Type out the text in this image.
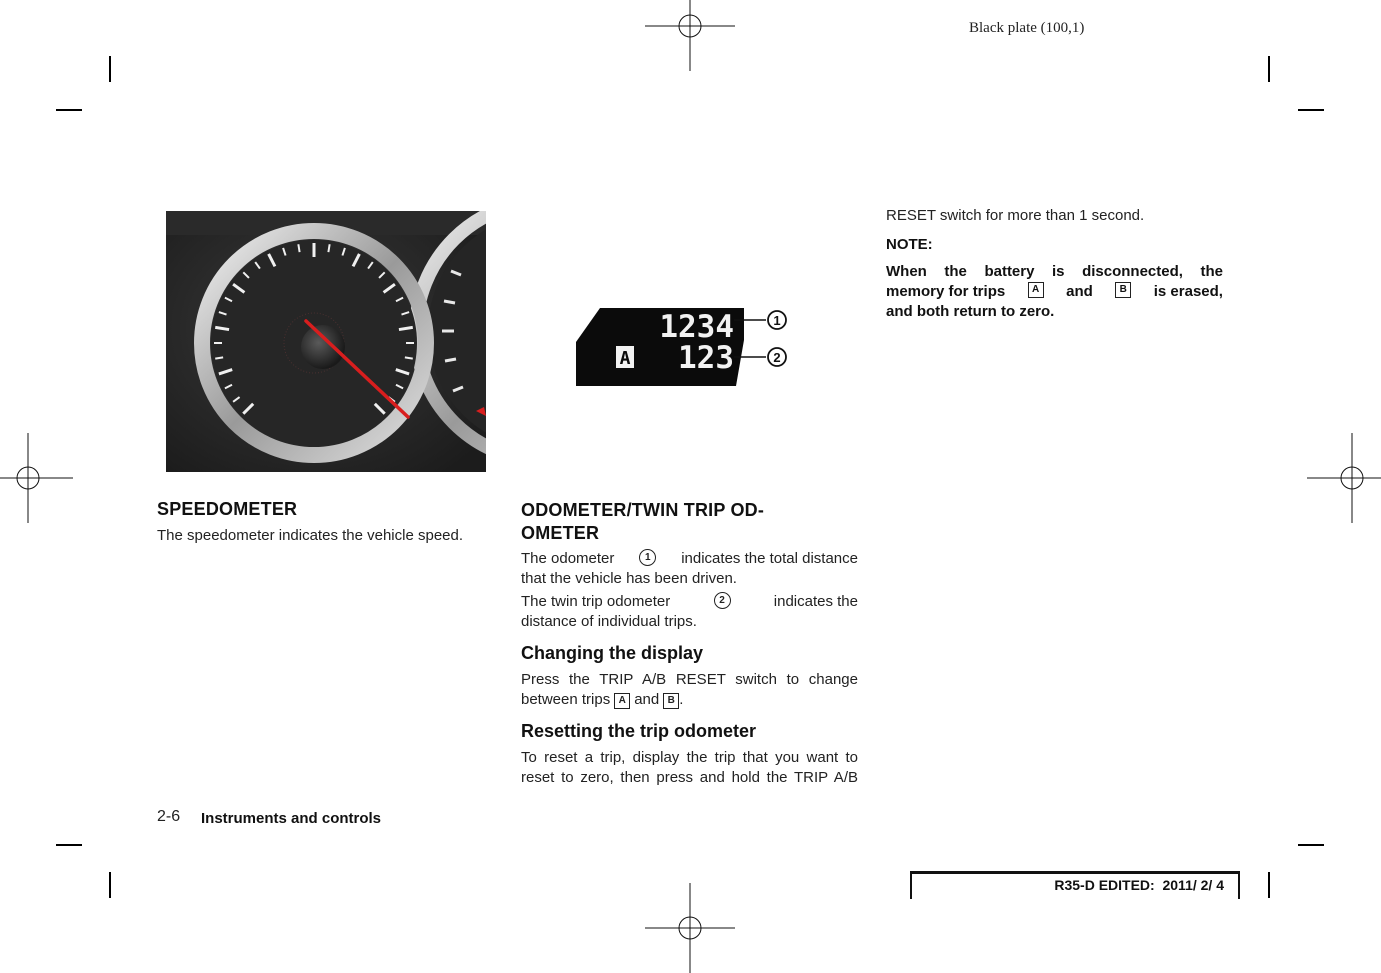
Black plate (100,1)
1234
A 123
1
2
SPEEDOMETER
The speedometer indicates the vehicle speed.
ODOMETER/TWIN TRIP OD-
OMETER
The odometer	1	indicates the total distance
that the vehicle has been driven.
The twin trip odometer	2	indicates the
distance of individual trips.
Changing the display
Press the TRIP A/B RESET switch to change
between trips A and B .
Resetting the trip odometer
To reset a trip, display the trip that you want to
reset to zero, then press and hold the TRIP A/B
RESET switch for more than 1 second.
NOTE:
When the battery is disconnected, the
memory for trips	A and	B is erased,
and both return to zero.
2-6 Instruments and controls
R35-D EDITED:  2011/ 2/ 4
